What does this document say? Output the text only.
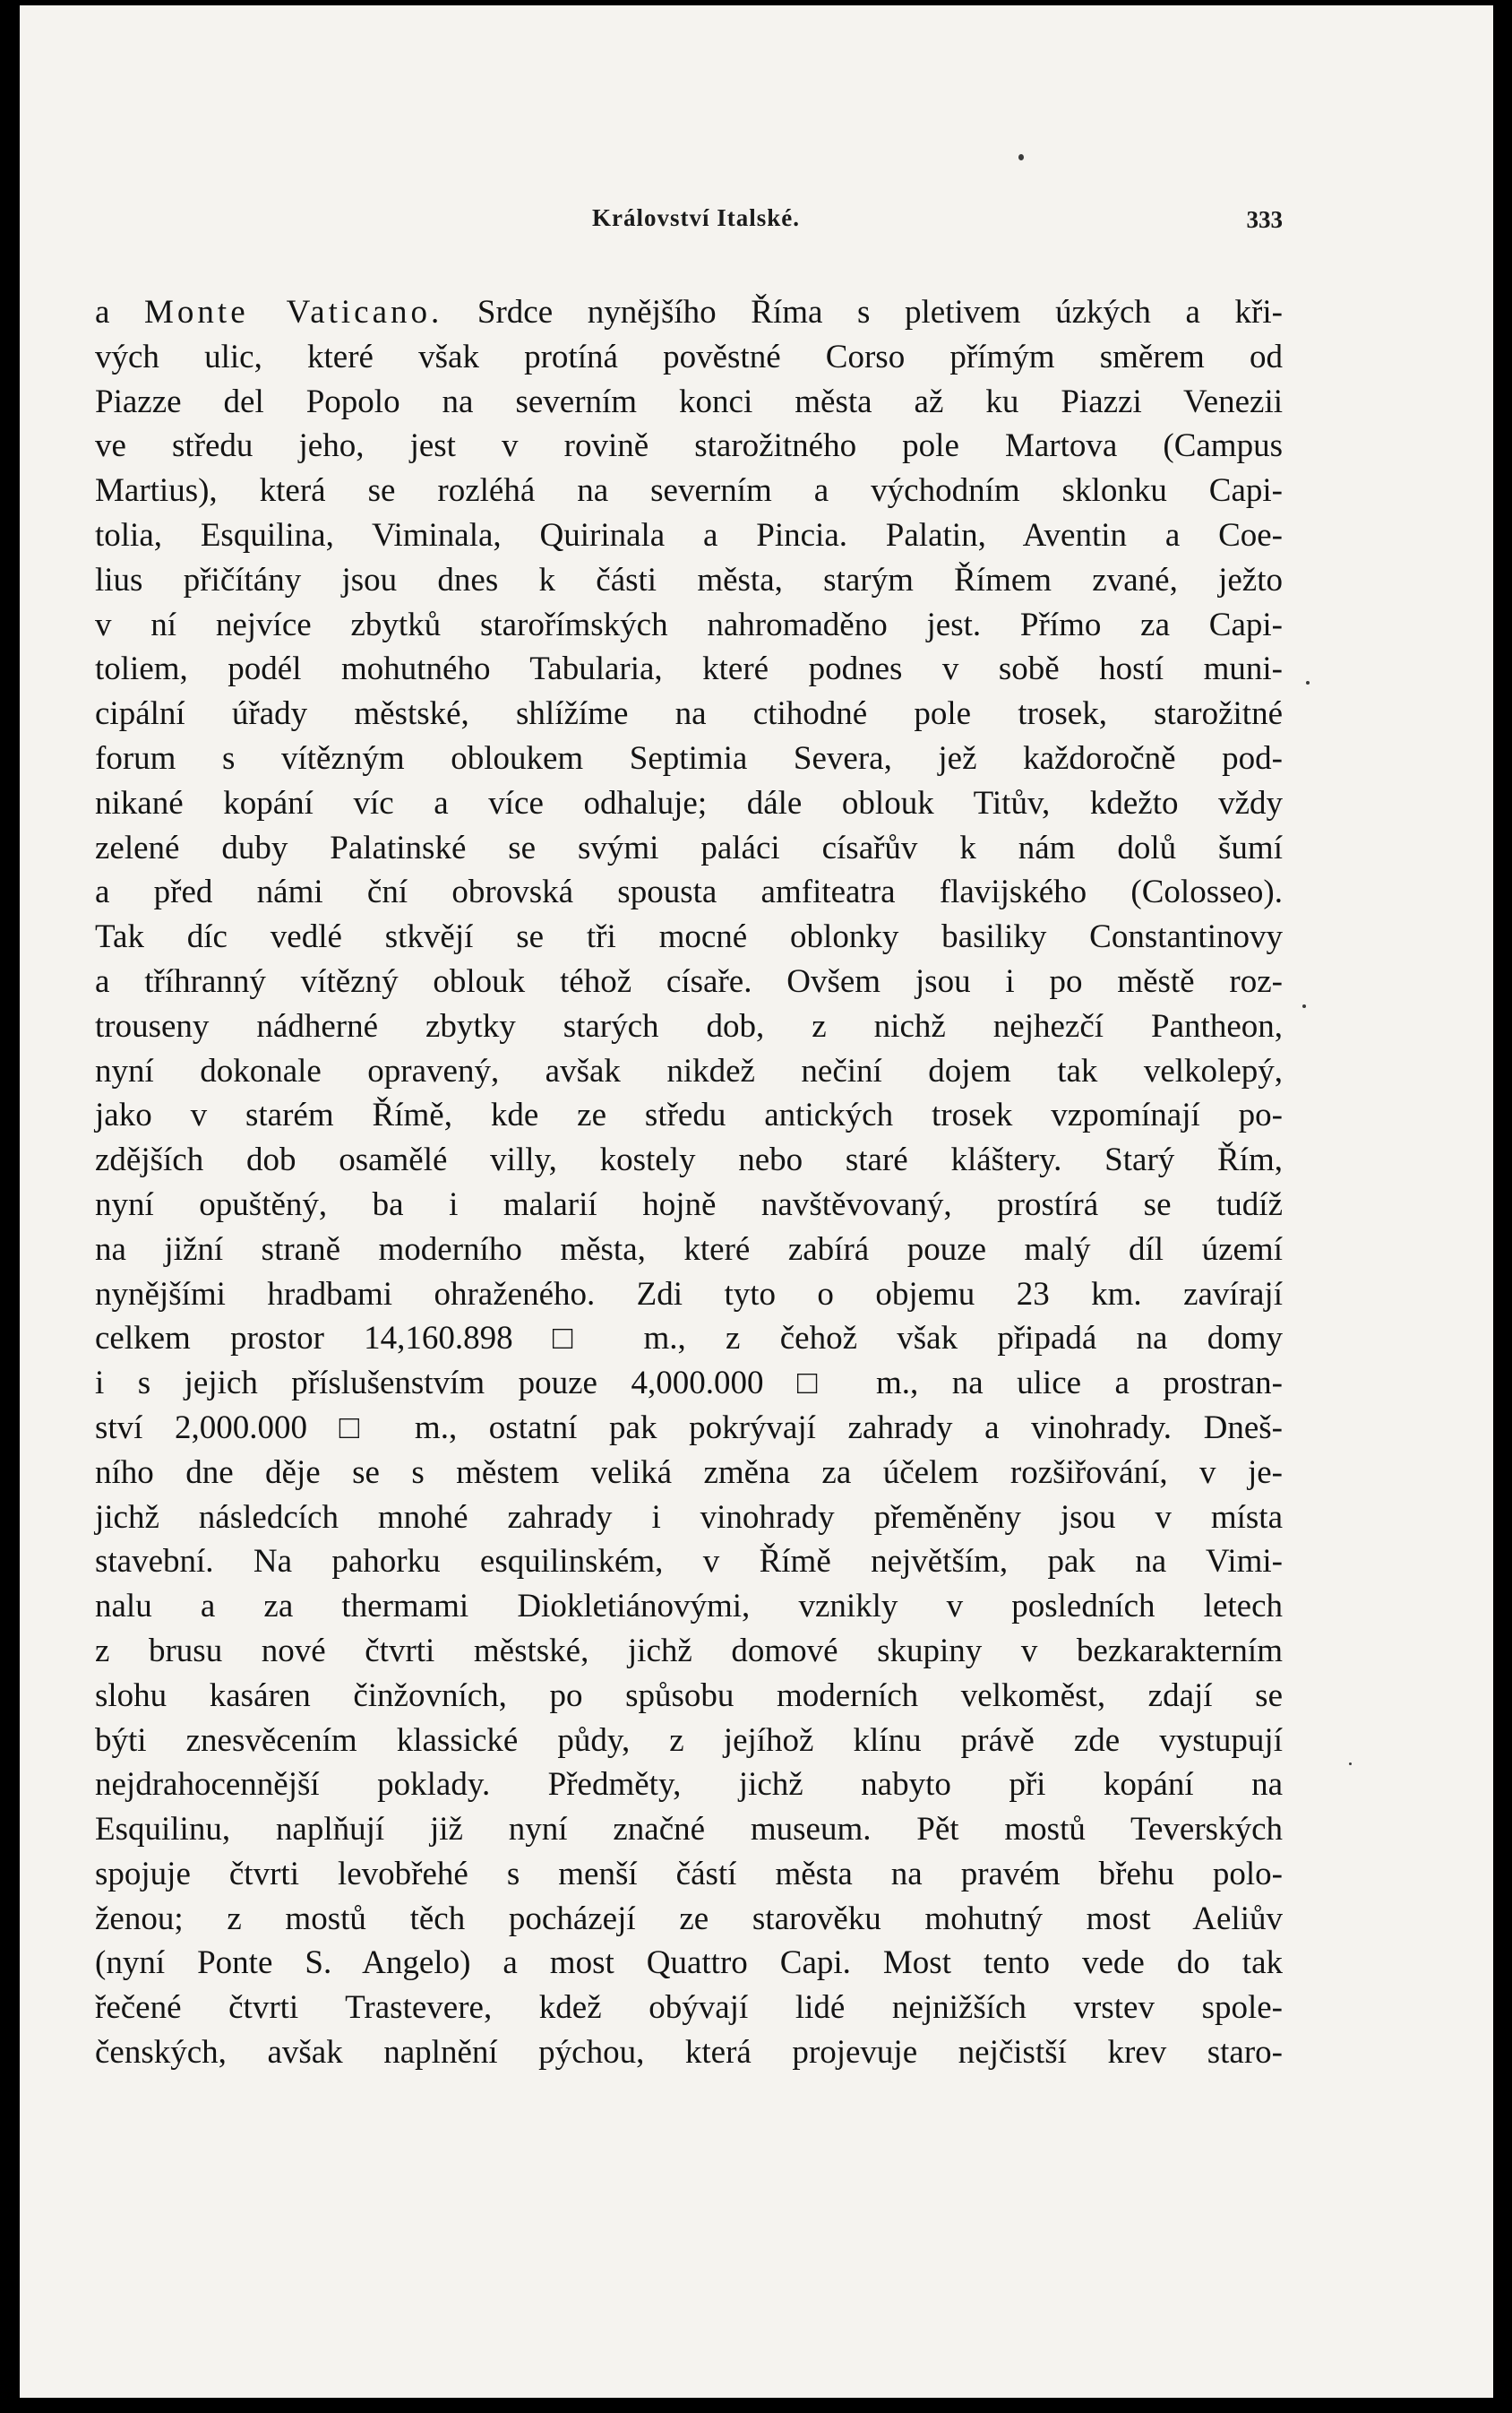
Království Italské.	333
a Monte Vaticano. Srdce nynějšího Říma s pletivem úzkých a kři-
vých ulic, které však protíná pověstné Corso přímým směrem od
Piazze del Popolo na severním konci města až ku Piazzi Venezii
ve středu jeho, jest v rovině starožitného pole Martova (Campus
Martius), která se rozléhá na severním a východním sklonku Capi-
tolia, Esquilina, Viminala, Quirinala a Pincia. Palatin, Aventin a Coe-
lius přičítány jsou dnes k části města, starým Římem zvané, ježto
v ní nejvíce zbytků starořímských nahromaděno jest. Přímo za Capi-
toliem, podél mohutného Tabularia, které podnes v sobě hostí muni-
cipální úřady městské, shlížíme na ctihodné pole trosek, starožitné
forum s vítězným obloukem Septimia Severa, jež každoročně pod-
nikané kopání víc a více odhaluje; dále oblouk Titův, kdežto vždy
zelené duby Palatinské se svými paláci císařův k nám dolů šumí
a před námi ční obrovská spousta amfiteatra flavijského (Colosseo).
Tak díc vedlé stkvějí se tři mocné oblonky basiliky Constantinovy
a tříhranný vítězný oblouk téhož císaře. Ovšem jsou i po městě roz-
trouseny nádherné zbytky starých dob, z nichž nejhezčí Pantheon,
nyní dokonale opravený, avšak nikdež nečiní dojem tak velkolepý,
jako v starém Římě, kde ze středu antických trosek vzpomínají po-
zdějších dob osamělé villy, kostely nebo staré kláštery. Starý Řím,
nyní opuštěný, ba i malarií hojně navštěvovaný, prostírá se tudíž
na jižní straně moderního města, které zabírá pouze malý díl území
nynějšími hradbami ohraženého. Zdi tyto o objemu 23 km. zavírají
celkem prostor 14,160.898 □ m., z čehož však připadá na domy
i s jejich příslušenstvím pouze 4,000.000 □ m., na ulice a prostran-
ství 2,000.000 □ m., ostatní pak pokrývají zahrady a vinohrady. Dneš-
ního dne děje se s městem veliká změna za účelem rozšiřování, v je-
jichž následcích mnohé zahrady i vinohrady přeměněny jsou v místa
stavební. Na pahorku esquilinském, v Římě největším, pak na Vimi-
nalu a za thermami Diokletiánovými, vznikly v posledních letech
z brusu nové čtvrti městské, jichž domové skupiny v bezkarakterním
slohu kasáren činžovních, po spůsobu moderních velkoměst, zdají se
býti znesvěcením klassické půdy, z jejíhož klínu právě zde vystupují
nejdrahocennější poklady. Předměty, jichž nabyto při kopání na
Esquilinu, naplňují již nyní značné museum. Pět mostů Teverských
spojuje čtvrti levobřehé s menší částí města na pravém břehu polo-
ženou; z mostů těch pocházejí ze starověku mohutný most Aeliův
(nyní Ponte S. Angelo) a most Quattro Capi. Most tento vede do tak
řečené čtvrti Trastevere, kdež obývají lidé nejnižších vrstev spole-
čenských, avšak naplnění pýchou, která projevuje nejčistší krev staro-
